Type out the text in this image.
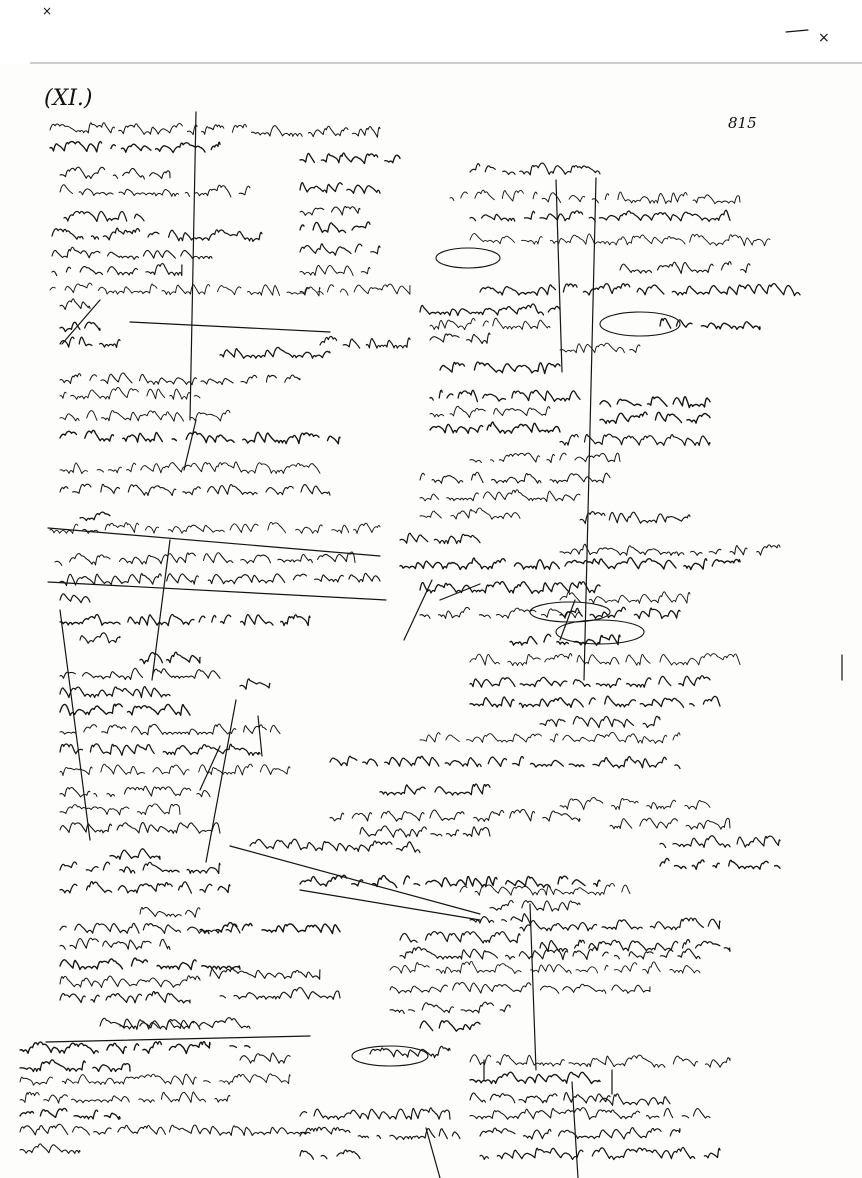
×
×
(XI.)
815
